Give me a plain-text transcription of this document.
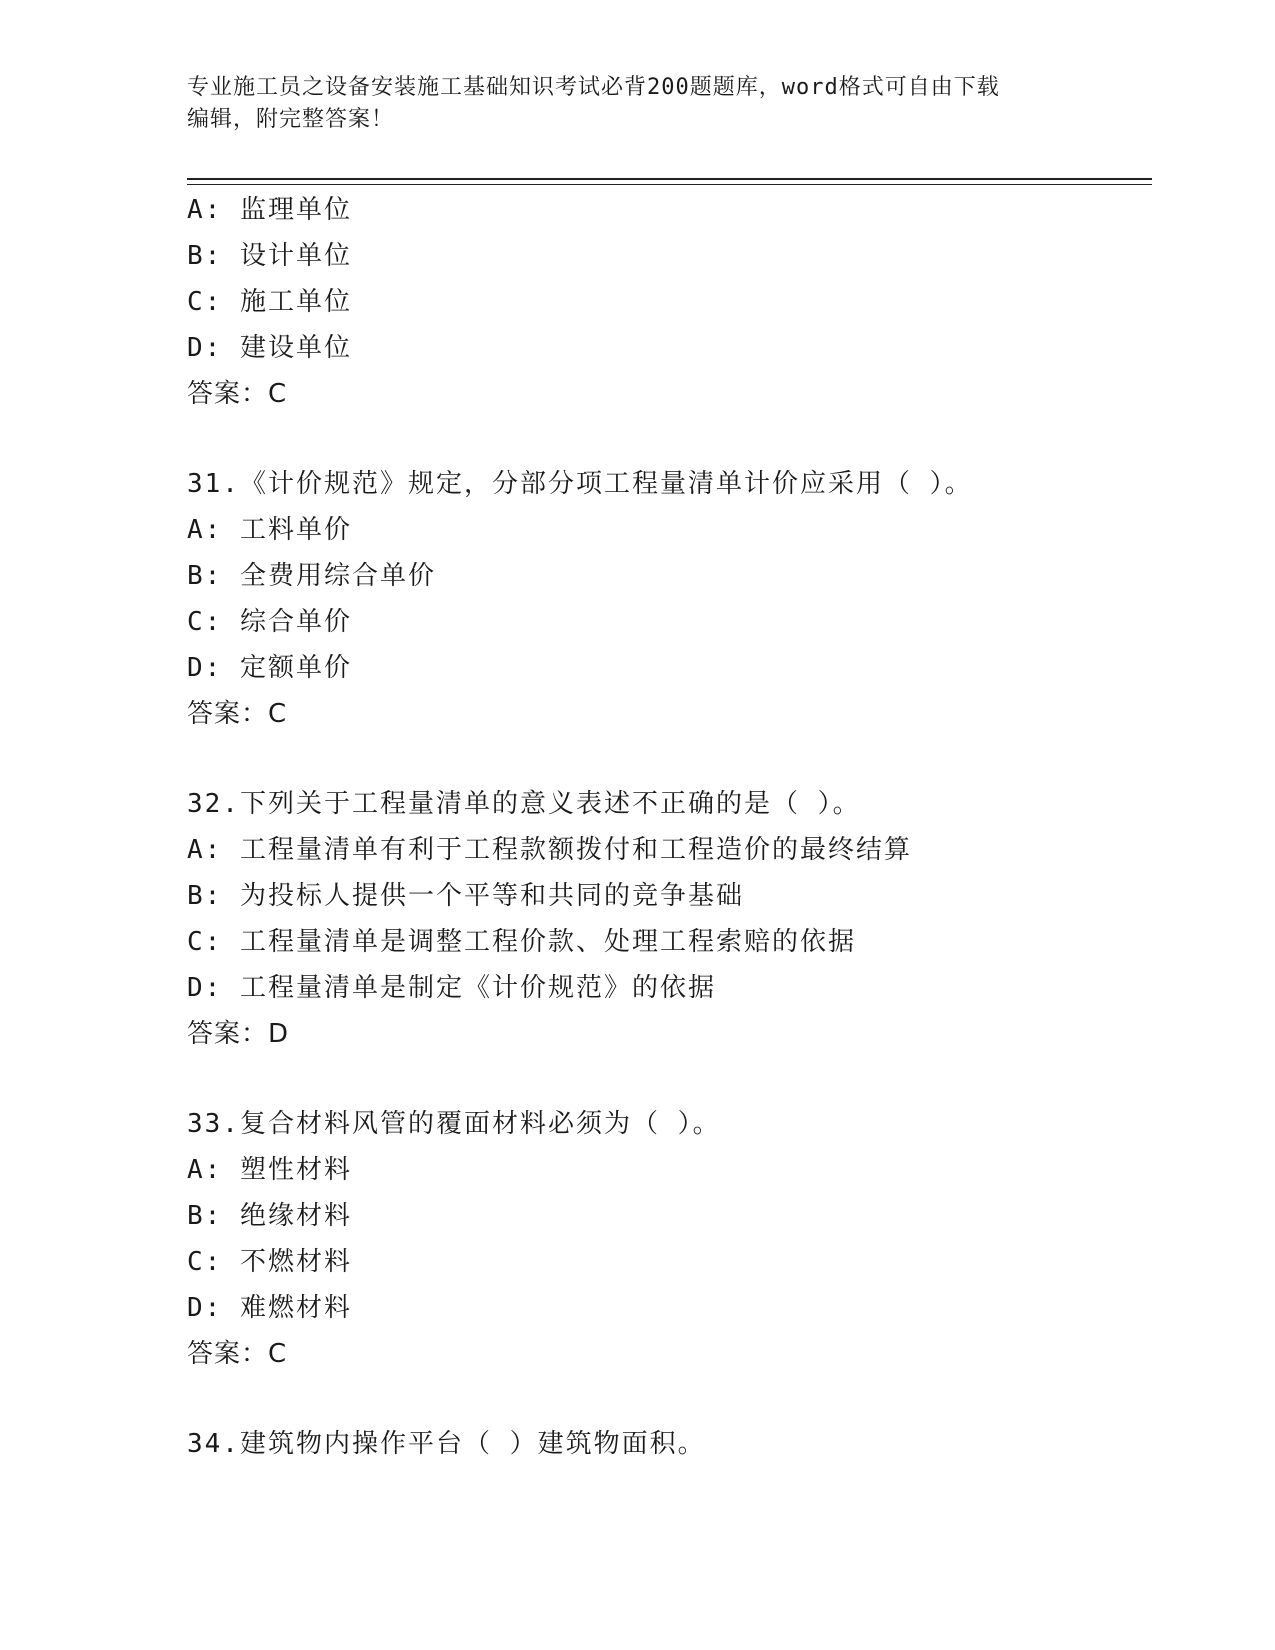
专业施工员之设备安装施工基础知识考试必背200题题库，word格式可自由下载
编辑，附完整答案！
A: 监理单位
B: 设计单位
C: 施工单位
D: 建设单位
答案：C
31.《计价规范》规定，分部分项工程量清单计价应采用（ ）。
A: 工料单价
B: 全费用综合单价
C: 综合单价
D: 定额单价
答案：C
32.下列关于工程量清单的意义表述不正确的是（ ）。
A: 工程量清单有利于工程款额拨付和工程造价的最终结算
B: 为投标人提供一个平等和共同的竞争基础
C: 工程量清单是调整工程价款、处理工程索赔的依据
D: 工程量清单是制定《计价规范》的依据
答案：D
33.复合材料风管的覆面材料必须为（ ）。
A: 塑性材料
B: 绝缘材料
C: 不燃材料
D: 难燃材料
答案：C
34.建筑物内操作平台（ ）建筑物面积。
